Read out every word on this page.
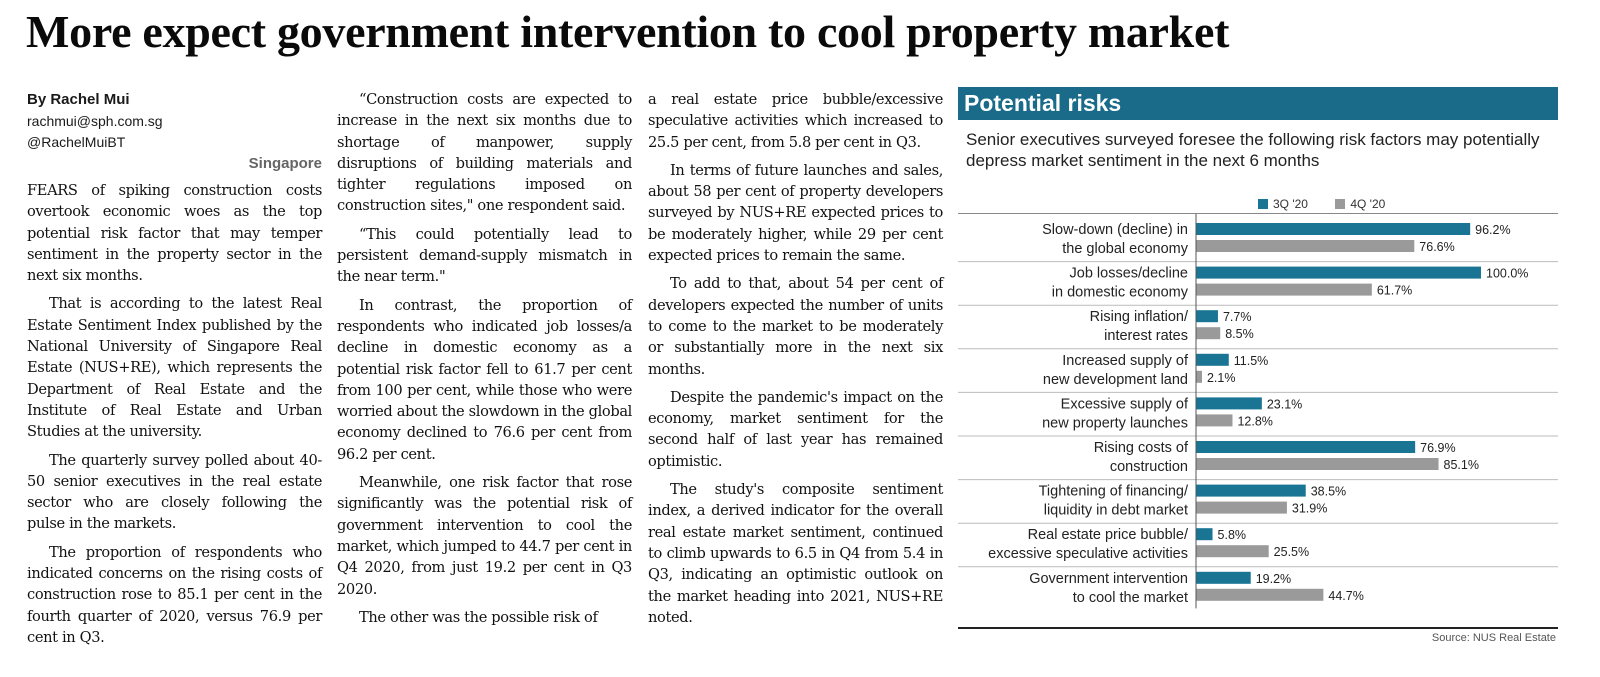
More expect government intervention to cool property market
By Rachel Mui
rachmui@sph.com.sg
@RachelMuiBT
Singapore

FEARS of spiking construction costs overtook economic woes as the top potential risk factor that may temper sentiment in the property sector in the next six months.

That is according to the latest Real Estate Sentiment Index published by the National University of Singapore Real Estate (NUS+RE), which represents the Department of Real Estate and the Institute of Real Estate and Urban Studies at the university.

The quarterly survey polled about 40-50 senior executives in the real estate sector who are closely following the pulse in the markets.

The proportion of respondents who indicated concerns on the rising costs of construction rose to 85.1 per cent in the fourth quarter of 2020, versus 76.9 per cent in Q3.

“Construction costs are expected to increase in the next six months due to shortage of manpower, supply disruptions of building materials and tighter regulations imposed on construction sites," one respondent said.

“This could potentially lead to persistent demand-supply mismatch in the near term."

In contrast, the proportion of respondents who indicated job losses/a decline in domestic economy as a potential risk factor fell to 61.7 per cent from 100 per cent, while those who were worried about the slowdown in the global economy declined to 76.6 per cent from 96.2 per cent.

Meanwhile, one risk factor that rose significantly was the potential risk of government intervention to cool the market, which jumped to 44.7 per cent in Q4 2020, from just 19.2 per cent in Q3 2020.

The other was the possible risk of

a real estate price bubble/excessive speculative activities which increased to 25.5 per cent, from 5.8 per cent in Q3.

In terms of future launches and sales, about 58 per cent of property developers surveyed by NUS+RE expected prices to be moderately higher, while 29 per cent expected prices to remain the same.

To add to that, about 54 per cent of developers expected the number of units to come to the market to be moderately or substantially more in the next six months.

Despite the pandemic's impact on the economy, market sentiment for the second half of last year has remained optimistic.

The study's composite sentiment index, a derived indicator for the overall real estate market sentiment, continued to climb upwards to 6.5 in Q4 from 5.4 in Q3, indicating an optimistic outlook on the market heading into 2021, NUS+RE noted.

Potential risks
Senior executives surveyed foresee the following risk factors may potentially depress market sentiment in the next 6 months
3Q '20	4Q '20
Slow-down (decline) in
the global economy
96.2%
76.6%
Job losses/decline
in domestic economy
100.0%
61.7%
Rising inflation/
interest rates
7.7%
8.5%
Increased supply of
new development land
11.5%
2.1%
Excessive supply of
new property launches
23.1%
12.8%
Rising costs of
construction
76.9%
85.1%
Tightening of financing/
liquidity in debt market
38.5%
31.9%
Real estate price bubble/
excessive speculative activities
5.8%
25.5%
Government intervention
to cool the market
19.2%
44.7%
Source: NUS Real Estate
